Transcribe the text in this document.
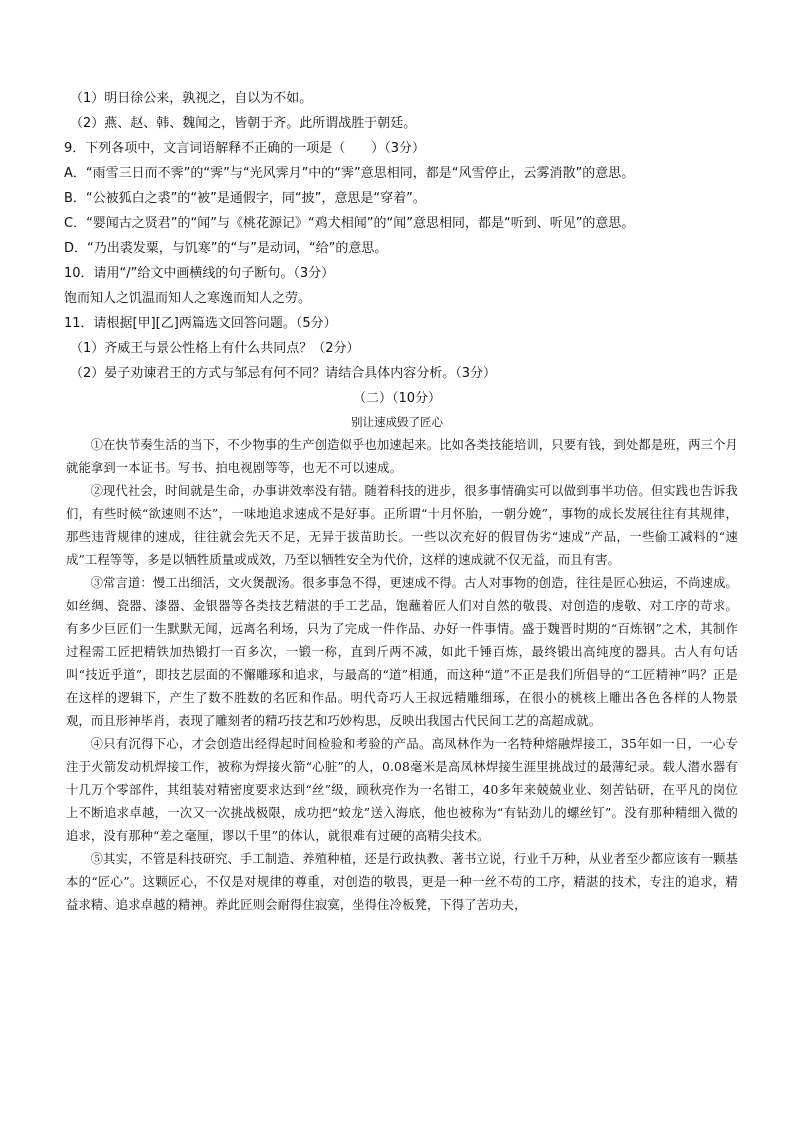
（1）明日徐公来，孰视之，自以为不如。
（2）燕、赵、韩、魏闻之，皆朝于齐。此所谓战胜于朝廷。
9．下列各项中，文言词语解释不正确的一项是（　　）（3分）
A．“雨雪三日而不霁”的“霁”与“光风霁月”中的“霁”意思相同，都是“风雪停止，云雾消散”的意思。
B．“公被狐白之裘”的“被”是通假字，同“披”，意思是“穿着”。
C．“婴闻古之贤君”的“闻”与《桃花源记》“鸡犬相闻”的“闻”意思相同，都是“听到、听见”的意思。
D．“乃出裘发粟，与饥寒”的“与”是动词，“给”的意思。
10．请用“/”给文中画横线的句子断句。（3分）
饱而知人之饥温而知人之寒逸而知人之劳。
11．请根据[甲][乙]两篇选文回答问题。（5分）
（1）齐威王与景公性格上有什么共同点？（2分）
（2）晏子劝谏君王的方式与邹忌有何不同？请结合具体内容分析。（3分）
（二）（10分）
别让速成毁了匠心

①在快节奏生活的当下，不少物事的生产创造似乎也加速起来。比如各类技能培训，只要有钱，到处都是班，两三个月就能拿到一本证书。写书、拍电视剧等等，也无不可以速成。

②现代社会，时间就是生命，办事讲效率没有错。随着科技的进步，很多事情确实可以做到事半功倍。但实践也告诉我们，有些时候“欲速则不达”，一味地追求速成不是好事。正所谓“十月怀胎，一朝分娩”，事物的成长发展往往有其规律，那些违背规律的速成，往往就会先天不足，无异于拔苗助长。一些以次充好的假冒伪劣“速成”产品，一些偷工减料的“速成”工程等等，多是以牺牲质量或成效，乃至以牺牲安全为代价，这样的速成就不仅无益，而且有害。

③常言道：慢工出细活，文火煲靓汤。很多事急不得，更速成不得。古人对事物的创造，往往是匠心独运，不尚速成。如丝绸、瓷器、漆器、金银器等各类技艺精湛的手工艺品，饱蘸着匠人们对自然的敬畏、对创造的虔敬、对工序的苛求。有多少巨匠们一生默默无闻，远离名利场，只为了完成一件作品、办好一件事情。盛于魏晋时期的“百炼钢”之术，其制作过程需工匠把精铁加热锻打一百多次，一锻一称，直到斤两不减，如此千锤百炼，最终锻出高纯度的器具。古人有句话叫“技近乎道”，即技艺层面的不懈雕琢和追求，与最高的“道”相通，而这种“道”不正是我们所倡导的“工匠精神”吗？正是在这样的逻辑下，产生了数不胜数的名匠和作品。明代奇巧人王叔远精雕细琢，在很小的桃核上雕出各色各样的人物景观，而且形神毕肖，表现了雕刻者的精巧技艺和巧妙构思，反映出我国古代民间工艺的高超成就。

④只有沉得下心，才会创造出经得起时间检验和考验的产品。高凤林作为一名特种熔融焊接工，35年如一日，一心专注于火箭发动机焊接工作，被称为焊接火箭“心脏”的人，0.08毫米是高凤林焊接生涯里挑战过的最薄纪录。载人潜水器有十几万个零部件，其组装对精密度要求达到“丝”级，顾秋亮作为一名钳工，40多年来兢兢业业、刻苦钻研，在平凡的岗位上不断追求卓越，一次又一次挑战极限，成功把“蛟龙”送入海底，他也被称为“有钻劲儿的螺丝钉”。没有那种精细入微的追求，没有那种“差之毫厘，谬以千里”的体认，就很难有过硬的高精尖技术。

⑤其实，不管是科技研究、手工制造、养殖种植，还是行政执教、著书立说，行业千万种，从业者至少都应该有一颗基本的“匠心”。这颗匠心，不仅是对规律的尊重，对创造的敬畏，更是一种一丝不苟的工序，精湛的技术，专注的追求，精益求精、追求卓越的精神。养此匠则会耐得住寂寞，坐得住冷板凳，下得了苦功夫，
